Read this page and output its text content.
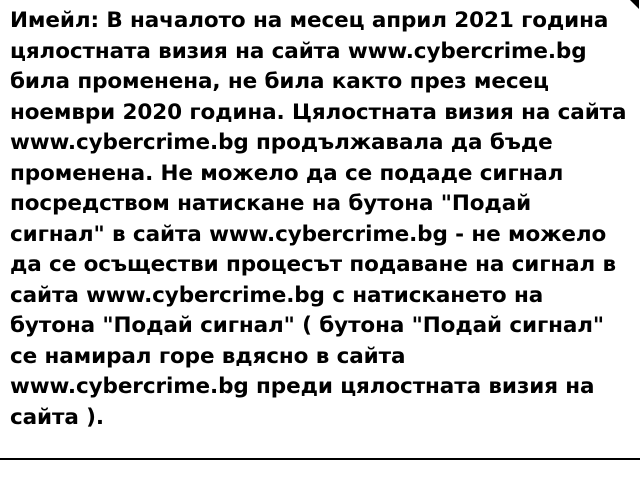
Имейл: В началото на месец април 2021 година цялостната визия на сайта www.cybercrime.bg била променена, не била както през месец ноември 2020 година. Цялостната визия на сайта www.cybercrime.bg продължавала да бъде променена. Не можело да се подаде сигнал посредством натискане на бутона "Подай сигнал" в сайта www.cybercrime.bg - не можело да се осъществи процесът подаване на сигнал в сайта www.cybercrime.bg с натискането на бутона "Подай сигнал" ( бутона "Подай сигнал" се намирал горе вдясно в сайта www.cybercrime.bg преди цялостната визия на сайта ).
